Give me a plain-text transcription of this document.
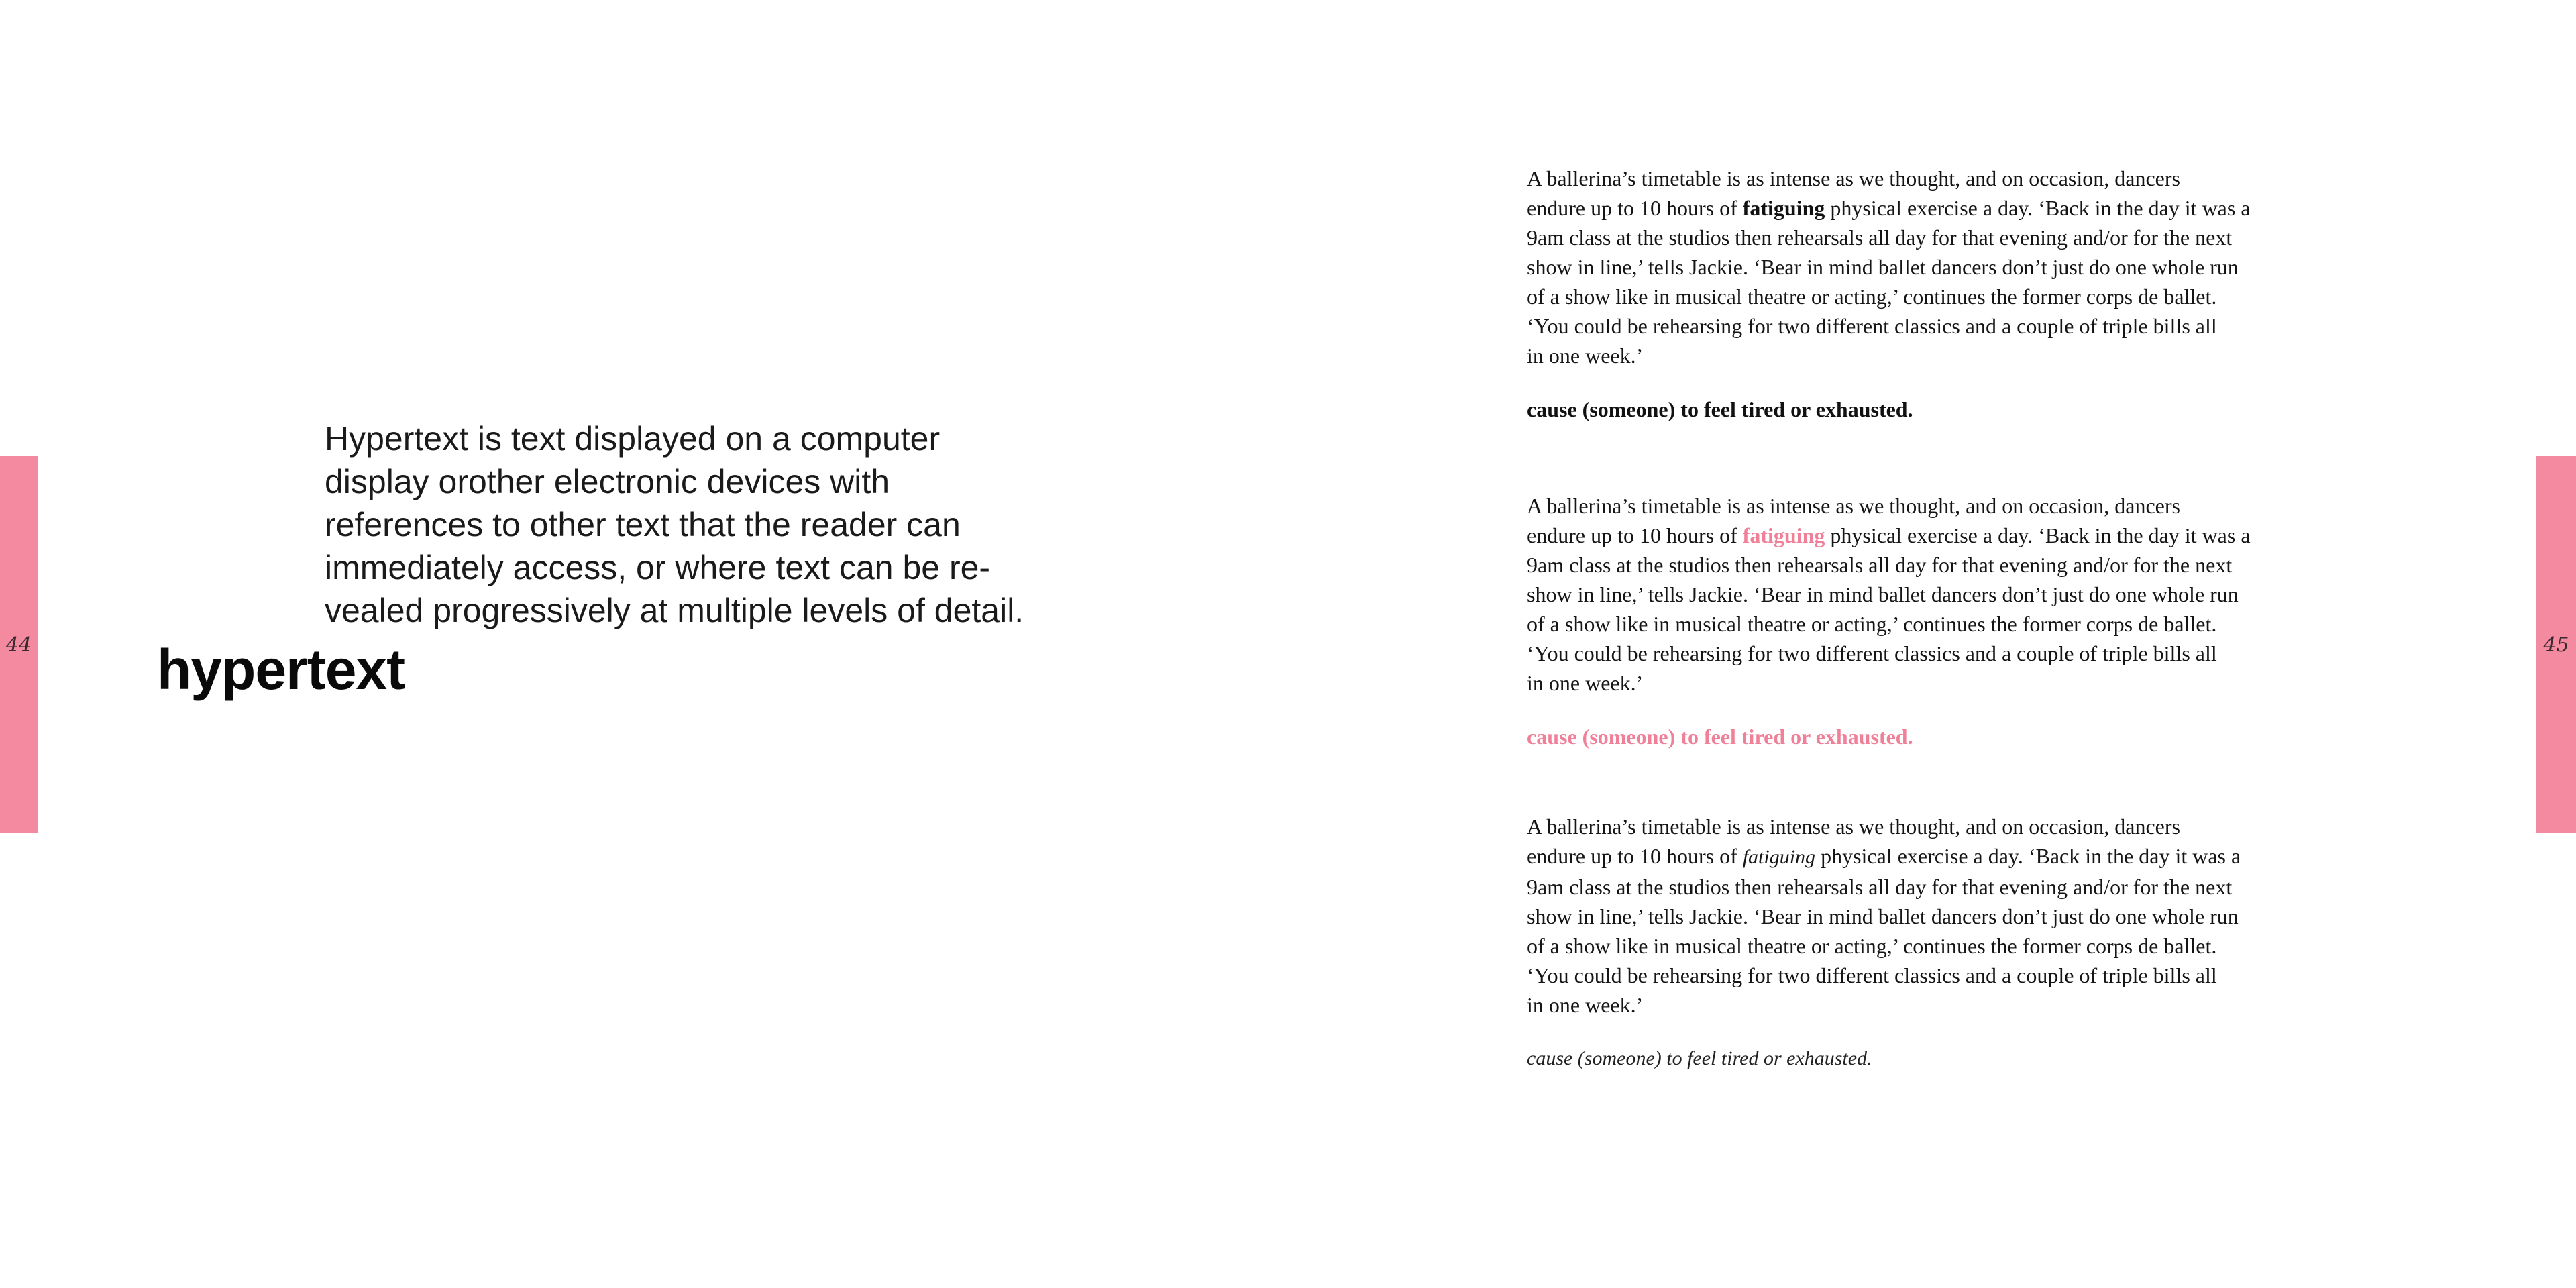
44

Hypertext is text displayed on a computer
display orother electronic devices with
references to other text that the reader can
immediately access, or where text can be re-
vealed progressively at multiple levels of detail.

hypertext	45
A ballerina’s timetable is as intense as we thought, and on occasion, dancers
endure up to 10 hours of fatiguing physical exercise a day. ‘Back in the day it was a
9am class at the studios then rehearsals all day for that evening and/or for the next
show in line,’ tells Jackie. ‘Bear in mind ballet dancers don’t just do one whole run
of a show like in musical theatre or acting,’ continues the former corps de ballet.
‘You could be rehearsing for two different classics and a couple of triple bills all
in one week.’
cause (someone) to feel tired or exhausted.
A ballerina’s timetable is as intense as we thought, and on occasion, dancers
endure up to 10 hours of fatiguing physical exercise a day. ‘Back in the day it was a
9am class at the studios then rehearsals all day for that evening and/or for the next
show in line,’ tells Jackie. ‘Bear in mind ballet dancers don’t just do one whole run
of a show like in musical theatre or acting,’ continues the former corps de ballet.
‘You could be rehearsing for two different classics and a couple of triple bills all
in one week.’
cause (someone) to feel tired or exhausted.
A ballerina’s timetable is as intense as we thought, and on occasion, dancers
endure up to 10 hours of fatiguing physical exercise a day. ‘Back in the day it was a
9am class at the studios then rehearsals all day for that evening and/or for the next
show in line,’ tells Jackie. ‘Bear in mind ballet dancers don’t just do one whole run
of a show like in musical theatre or acting,’ continues the former corps de ballet.
‘You could be rehearsing for two different classics and a couple of triple bills all
in one week.’
cause (someone) to feel tired or exhausted.
